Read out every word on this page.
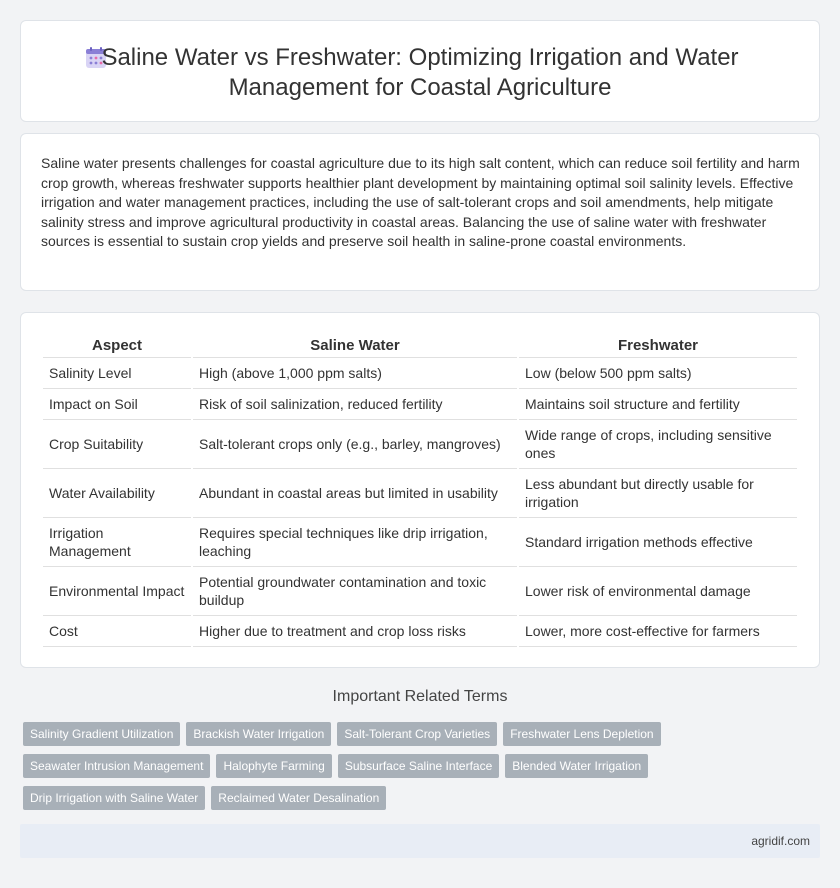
Saline Water vs Freshwater: Optimizing Irrigation and Water Management for Coastal Agriculture

Saline water presents challenges for coastal agriculture due to its high salt content, which can reduce soil fertility and harm crop growth, whereas freshwater supports healthier plant development by maintaining optimal soil salinity levels. Effective irrigation and water management practices, including the use of salt-tolerant crops and soil amendments, help mitigate salinity stress and improve agricultural productivity in coastal areas. Balancing the use of saline water with freshwater sources is essential to sustain crop yields and preserve soil health in saline-prone coastal environments.

Aspect	Saline Water	Freshwater
Salinity Level	High (above 1,000 ppm salts)	Low (below 500 ppm salts)
Impact on Soil	Risk of soil salinization, reduced fertility	Maintains soil structure and fertility
Crop Suitability	Salt-tolerant crops only (e.g., barley, mangroves)	Wide range of crops, including sensitive ones
Water Availability	Abundant in coastal areas but limited in usability	Less abundant but directly usable for irrigation
Irrigation Management	Requires special techniques like drip irrigation, leaching	Standard irrigation methods effective
Environmental Impact	Potential groundwater contamination and toxic buildup	Lower risk of environmental damage
Cost	Higher due to treatment and crop loss risks	Lower, more cost-effective for farmers
Important Related Terms
Salinity Gradient Utilization	Brackish Water Irrigation	Salt-Tolerant Crop Varieties	Freshwater Lens Depletion
Seawater Intrusion Management	Halophyte Farming	Subsurface Saline Interface	Blended Water Irrigation
Drip Irrigation with Saline Water	Reclaimed Water Desalination
agridif.com
